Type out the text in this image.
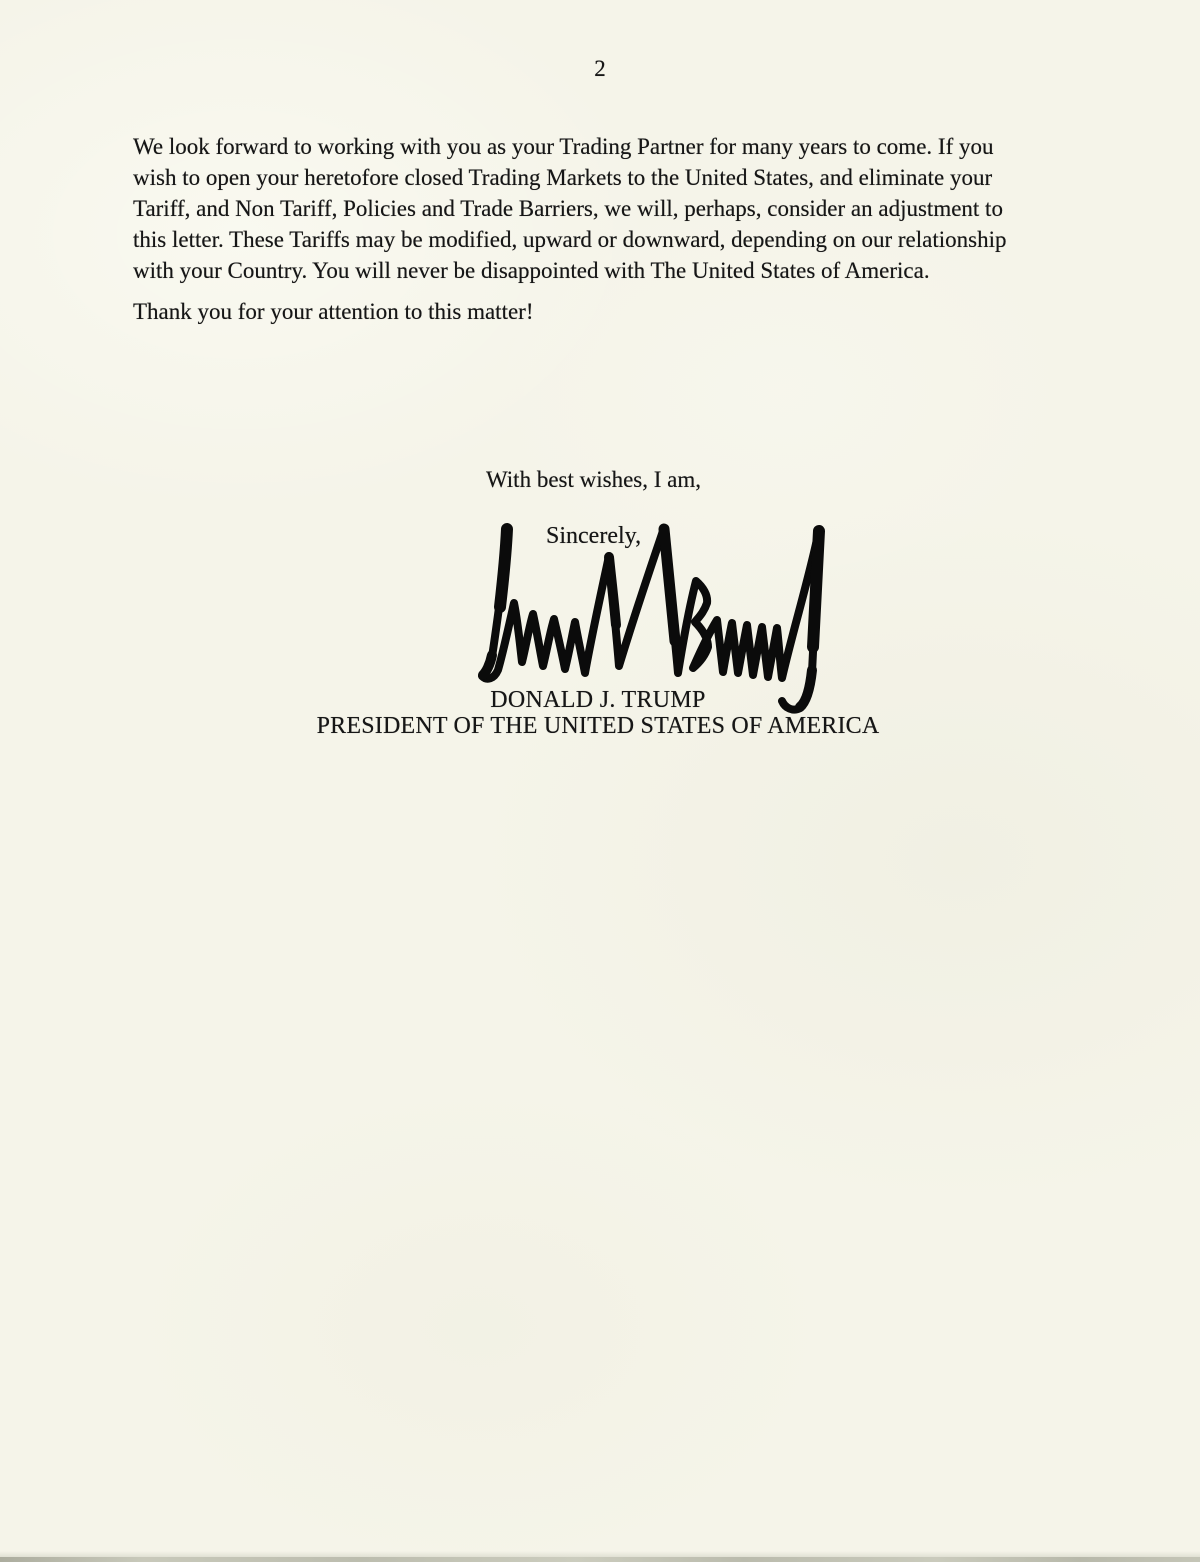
2
We look forward to working with you as your Trading Partner for many years to come. If you
wish to open your heretofore closed Trading Markets to the United States, and eliminate your
Tariff, and Non Tariff, Policies and Trade Barriers, we will, perhaps, consider an adjustment to
this letter. These Tariffs may be modified, upward or downward, depending on our relationship
with your Country. You will never be disappointed with The United States of America.
Thank you for your attention to this matter!
With best wishes, I am,
Sincerely,
DONALD J. TRUMP
PRESIDENT OF THE UNITED STATES OF AMERICA
